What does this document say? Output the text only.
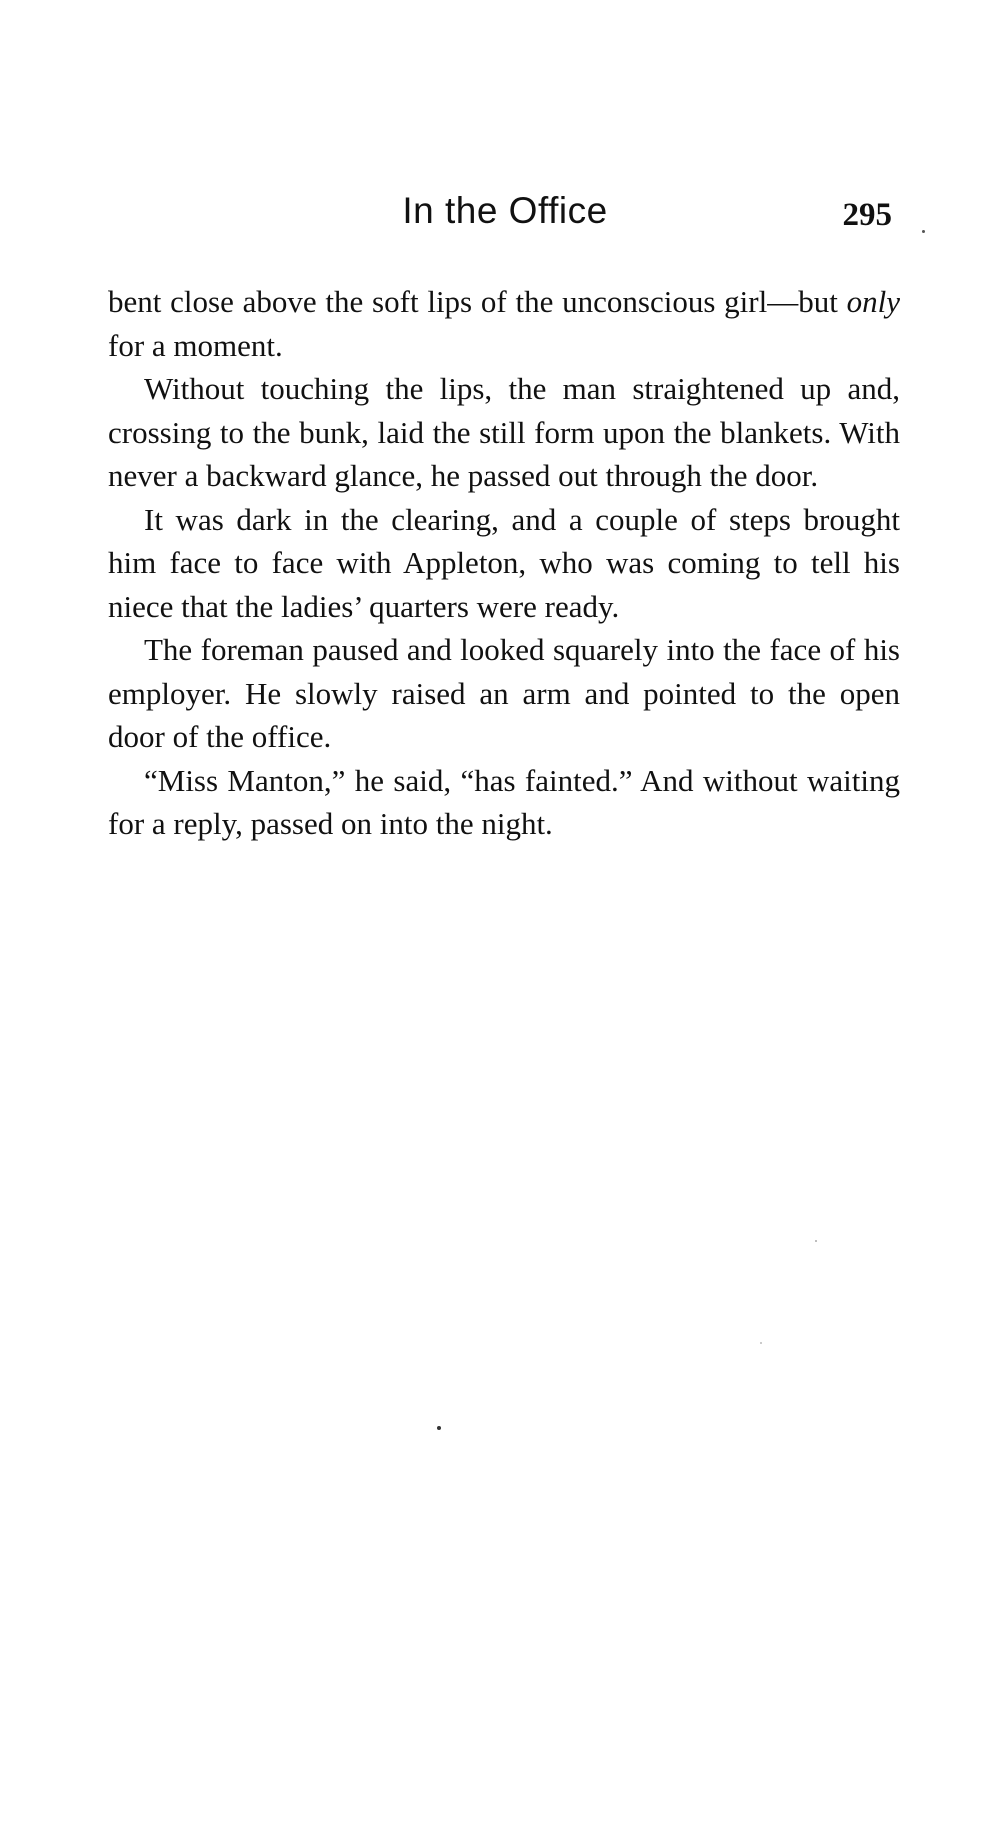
In the Office	295

bent close above the soft lips of the unconscious girl—but only for a moment.

Without touching the lips, the man straightened up and, crossing to the bunk, laid the still form upon the blankets. With never a backward glance, he passed out through the door.

It was dark in the clearing, and a couple of steps brought him face to face with Appleton, who was coming to tell his niece that the ladies’ quarters were ready.

The foreman paused and looked squarely into the face of his employer. He slowly raised an arm and pointed to the open door of the office.

“Miss Manton,” he said, “has fainted.” And without waiting for a reply, passed on into the night.
